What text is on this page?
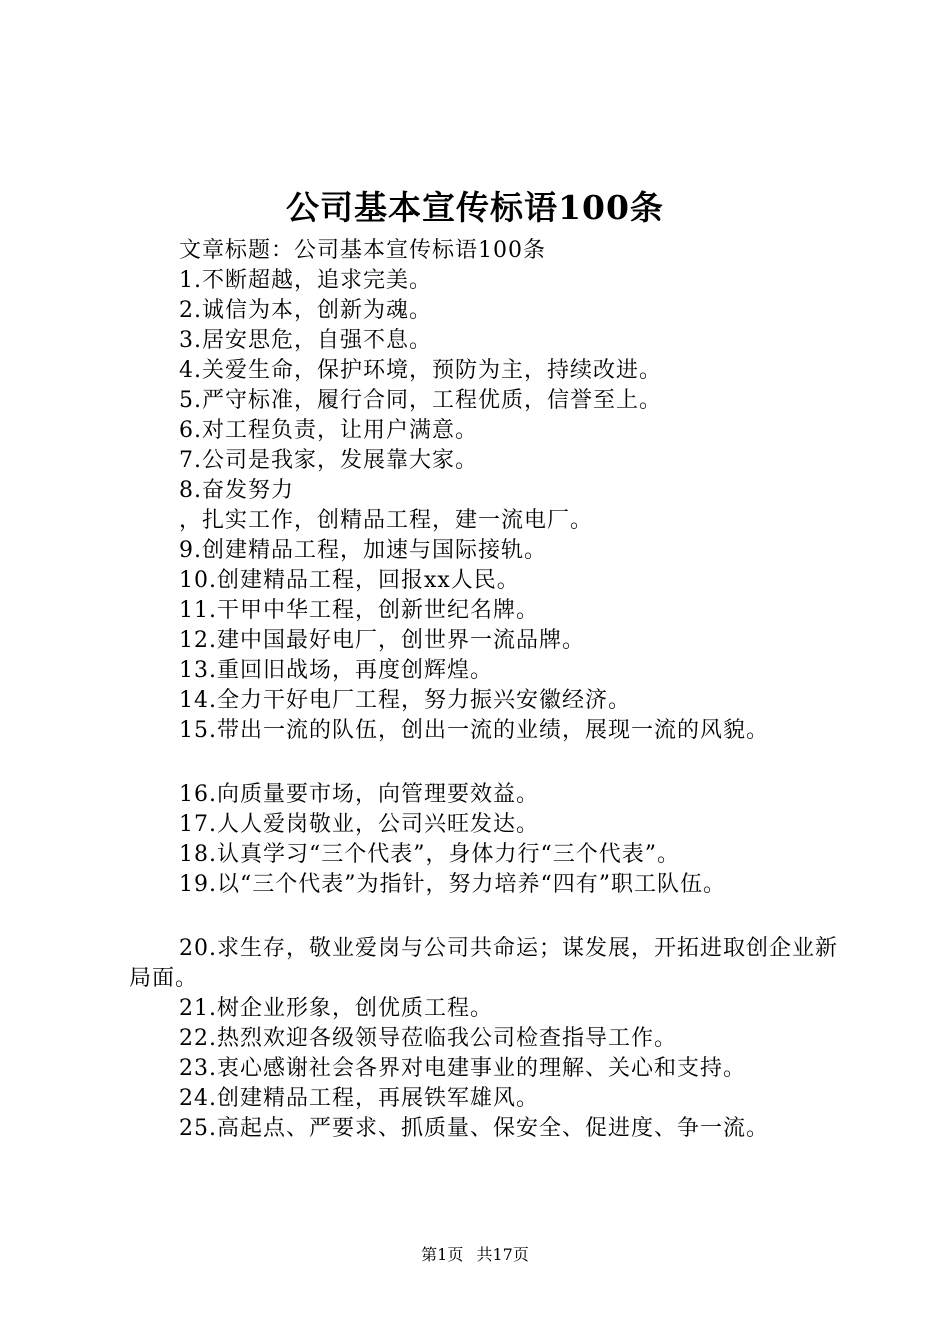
公司基本宣传标语100条
文章标题：公司基本宣传标语100条
1.不断超越，追求完美。
2.诚信为本，创新为魂。
3.居安思危，自强不息。
4.关爱生命，保护环境，预防为主，持续改进。
5.严守标准，履行合同，工程优质，信誉至上。
6.对工程负责，让用户满意。
7.公司是我家，发展靠大家。
8.奋发努力
，扎实工作，创精品工程，建一流电厂。
9.创建精品工程，加速与国际接轨。
10.创建精品工程，回报xx人民。
11.干甲中华工程，创新世纪名牌。
12.建中国最好电厂，创世界一流品牌。
13.重回旧战场，再度创辉煌。
14.全力干好电厂工程，努力振兴安徽经济。
15.带出一流的队伍，创出一流的业绩，展现一流的风貌。
16.向质量要市场，向管理要效益。
17.人人爱岗敬业，公司兴旺发达。
18.认真学习“三个代表”，身体力行“三个代表”。
19.以“三个代表”为指针，努力培养“四有”职工队伍。
20.求生存，敬业爱岗与公司共命运；谋发展，开拓进取创企业新局面。
21.树企业形象，创优质工程。
22.热烈欢迎各级领导莅临我公司检查指导工作。
23.衷心感谢社会各界对电建事业的理解、关心和支持。
24.创建精品工程，再展铁军雄风。
25.高起点、严要求、抓质量、保安全、促进度、争一流。
第1页 共17页
